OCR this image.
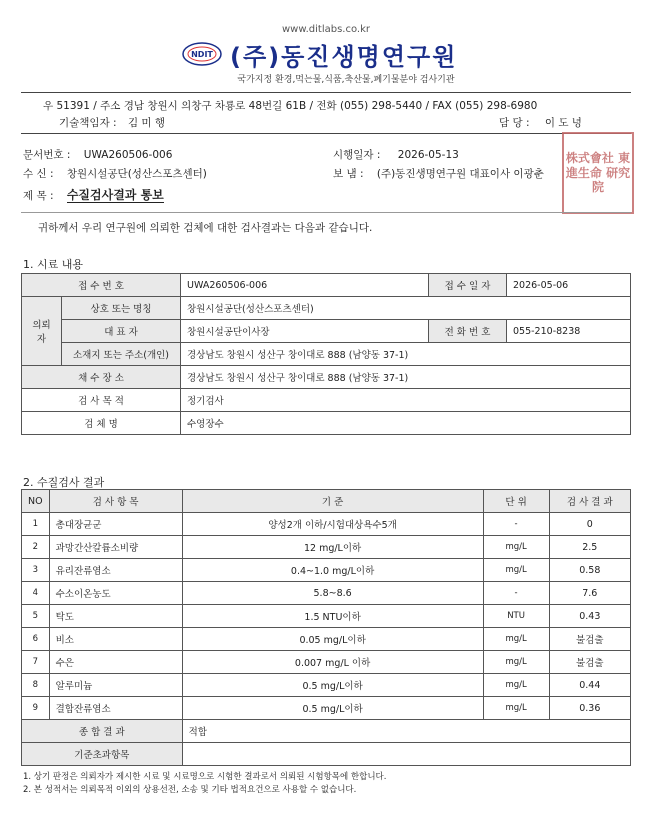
www.ditlabs.co.kr
NDIT (주)동진생명연구원
국가지정 환경,먹는물,식품,축산물,폐기물분야 검사기관
우 51391 / 주소 경남 창원시 의창구 차룡로 48번길 61B / 전화 (055) 298-5440 / FAX (055) 298-6980
기술책임자 : 김 미 행	담 당 : 이 도 녕
문서번호 : UWA260506-006	시행일자 : 2026-05-13
수 신 : 창원시설공단(성산스포츠센터)	보 냄 : (주)동진생명연구원 대표이사 이광춘
제 목 : 수질검사결과 통보
株式會社 東進生命 研究院
귀하께서 우리 연구원에 의뢰한 검체에 대한 검사결과는 다음과 같습니다.
1. 시료 내용
접 수 번 호		UWA260506-006	접 수 일 자	2026-05-06
의뢰자	상호 또는 명칭	창원시설공단(성산스포츠센터)		
	대 표 자	창원시설공단이사장	전 화 번 호	055-210-8238
	소재지 또는 주소(개인)	경상남도 창원시 성산구 창이대로 888 (남양동 37-1)		
채 수 장 소		경상남도 창원시 성산구 창이대로 888 (남양동 37-1)		
검 사 목 적		정기검사		
검 체 명		수영장수		
2. 수질검사 결과
NO	검 사 항 목	기 준	단 위	검 사 결 과
1	총대장균군	양성2개 이하/시험대상욕수5개	-	0
2	과망간산칼륨소비량	12 mg/L이하	mg/L	2.5
3	유리잔류염소	0.4~1.0 mg/L이하	mg/L	0.58
4	수소이온농도	5.8~8.6	-	7.6
5	탁도	1.5 NTU이하	NTU	0.43
6	비소	0.05 mg/L이하	mg/L	불검출
7	수은	0.007 mg/L 이하	mg/L	불검출
8	알루미늄	0.5 mg/L이하	mg/L	0.44
9	결합잔류염소	0.5 mg/L이하	mg/L	0.36
종 합 결 과		적합		
기준초과항목				
1. 상기 판정은 의뢰자가 제시한 시료 및 시료명으로 시험한 결과로서 의뢰된 시험항목에 한합니다.
2. 본 성적서는 의뢰목적 이외의 상용선전, 소송 및 기타 법적요건으로 사용할 수 없습니다.
